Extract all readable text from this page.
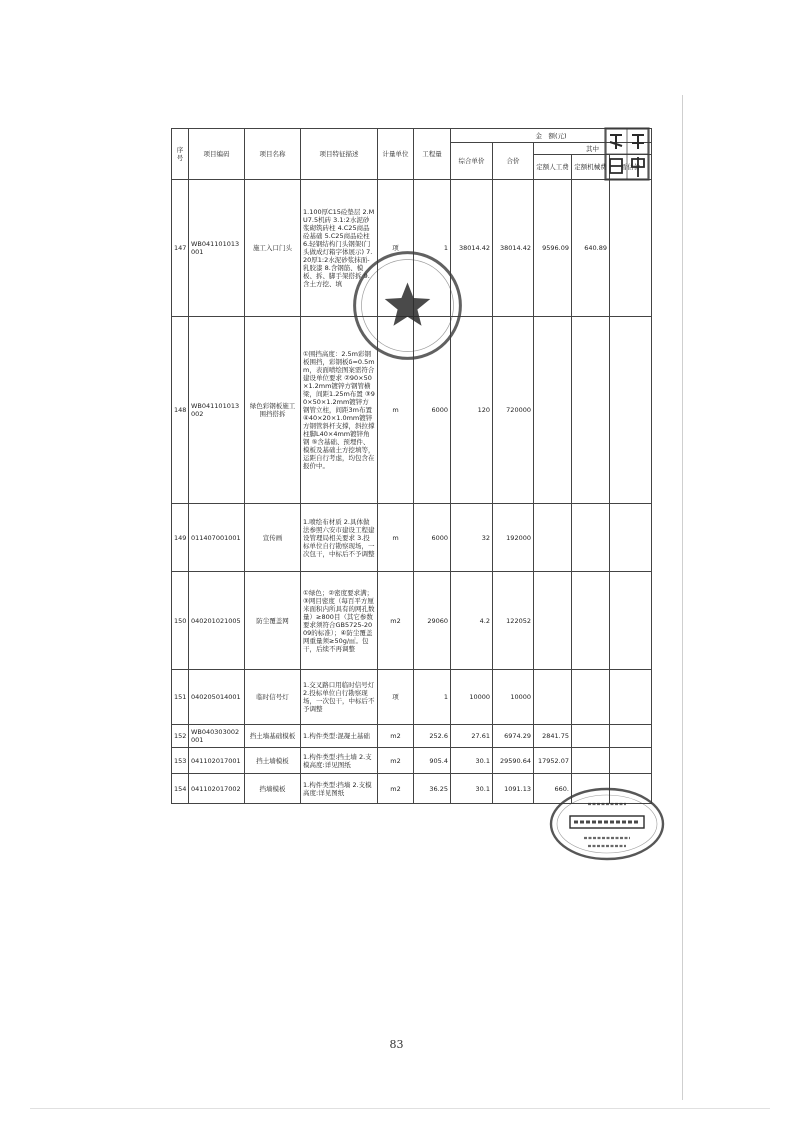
序号	项目编码	项目名称	项目特征描述	计量单位	工程量	金　额(元)				
						综合单价	合价	其中		
								定额人工费	定额机械费	暂估价
147	WB041101013001	施工入口门头	1.100厚C15砼垫层 2.MU7.5机砖 3.1:2水泥砂浆砌筑砖柱 4.C25商品砼基础 5.C25商品砼柱 6.轻钢结构门头钢架(门头做成灯箱字体展示) 7.20厚1:2水泥砂浆抹面-乳胶漆 8.含钢筋、模板、拆、脚手架搭拆 9.含土方挖、填	项	1	38014.42	38014.42	9596.09	640.89	
148	WB041101013002	绿色彩钢板施工围挡搭拆	①围挡高度：2.5m彩钢板围挡，彩钢板δ=0.5mm，表面喷绘图案需符合建设单位要求 ②90×50×1.2mm镀锌方钢管横梁，间距1.25m布置 ③90×50×1.2mm镀锌方钢管立柱，间距3m布置 ④40×20×1.0mm镀锌方钢管斜杆支撑，斜拉撑柱脚L40×4mm镀锌角钢 ⑤含基础、预埋件、模板及基础土方挖填等，运距自行考虑，均包含在报价中。	m	6000	120	720000			
149	011407001001	宣传画	1.喷绘布材质 2.具体做法参照六安市建设工程建设管理局相关要求 3.投标单位自行勘察现场，一次包干，中标后不予调整	m	6000	32	192000			
150	040201021005	防尘覆盖网	①绿色；②密度要求满；③网目密度（每百平方厘米面积内所具有的网孔数量）≥800目（其它参数要求须符合GB5725-2009的标准）；④防尘覆盖网重量须≥50g/㎡。包干，后续不再调整	m2	29060	4.2	122052			
151	040205014001	临时信号灯	1.交叉路口用临时信号灯 2.投标单位自行勘察现场，一次包干，中标后不予调整	项	1	10000	10000			
152	WB040303002001	挡土墙基础模板	1.构件类型:混凝土基础	m2	252.6	27.61	6974.29	2841.75		
153	041102017001	挡土墙模板	1.构件类型:挡土墙 2.支模高度:详见图纸	m2	905.4	30.1	29590.64	17952.07		
154	041102017002	挡墙模板	1.构件类型:挡墙 2.支模高度:详见图纸	m2	36.25	30.1	1091.13	660.		
83
